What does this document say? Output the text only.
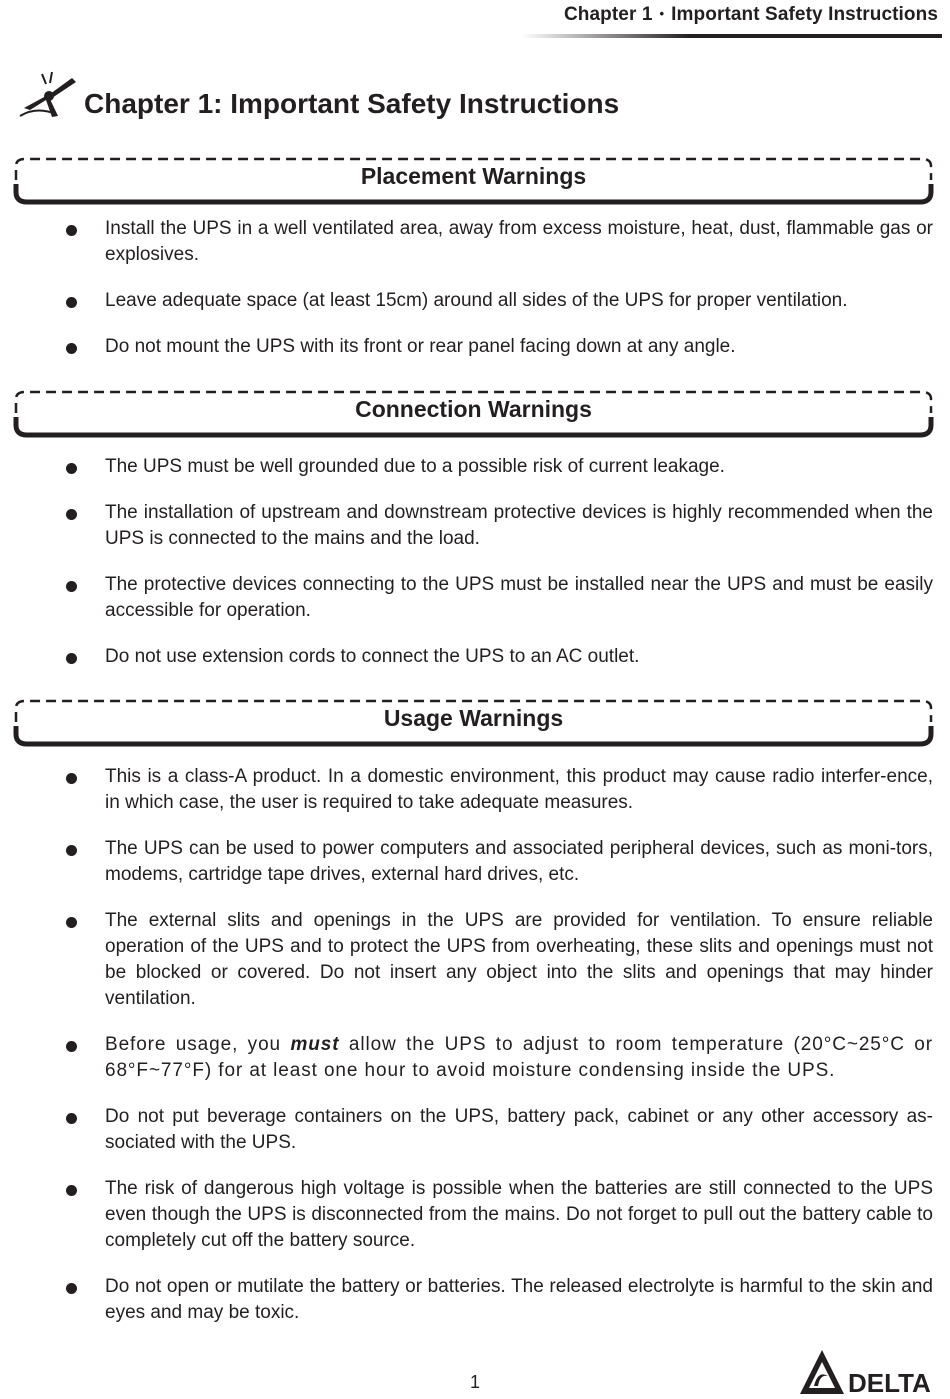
Chapter 1 • Important Safety Instructions
Chapter 1: Important Safety Instructions
Placement Warnings
Install the UPS in a well ventilated area, away from excess moisture, heat, dust, flammable gas or explosives.
Leave adequate space (at least 15cm) around all sides of the UPS for proper ventilation.
Do not mount the UPS with its front or rear panel facing down at any angle.
Connection Warnings
The UPS must be well grounded due to a possible risk of current leakage.
The installation of upstream and downstream protective devices is highly recommended when the UPS is connected to the mains and the load.
The protective devices connecting to the UPS must be installed near the UPS and must be easily accessible for operation.
Do not use extension cords to connect the UPS to an AC outlet.
Usage Warnings
This is a class-A product. In a domestic environment, this product may cause radio interfer-ence, in which case, the user is required to take adequate measures.
The UPS can be used to power computers and associated peripheral devices, such as moni-tors, modems, cartridge tape drives, external hard drives, etc.
The external slits and openings in the UPS are provided for ventilation. To ensure reliable operation of the UPS and to protect the UPS from overheating, these slits and openings must not be blocked or covered. Do not insert any object into the slits and openings that may hinder ventilation.
Before usage, you must allow the UPS to adjust to room temperature (20°C~25°C or 68°F~77°F) for at least one hour to avoid moisture condensing inside the UPS.
Do not put beverage containers on the UPS, battery pack, cabinet or any other accessory as-sociated with the UPS.
The risk of dangerous high voltage is possible when the batteries are still connected to the UPS even though the UPS is disconnected from the mains. Do not forget to pull out the battery cable to completely cut off the battery source.
Do not open or mutilate the battery or batteries. The released electrolyte is harmful to the skin and eyes and may be toxic.
1	DELTA
